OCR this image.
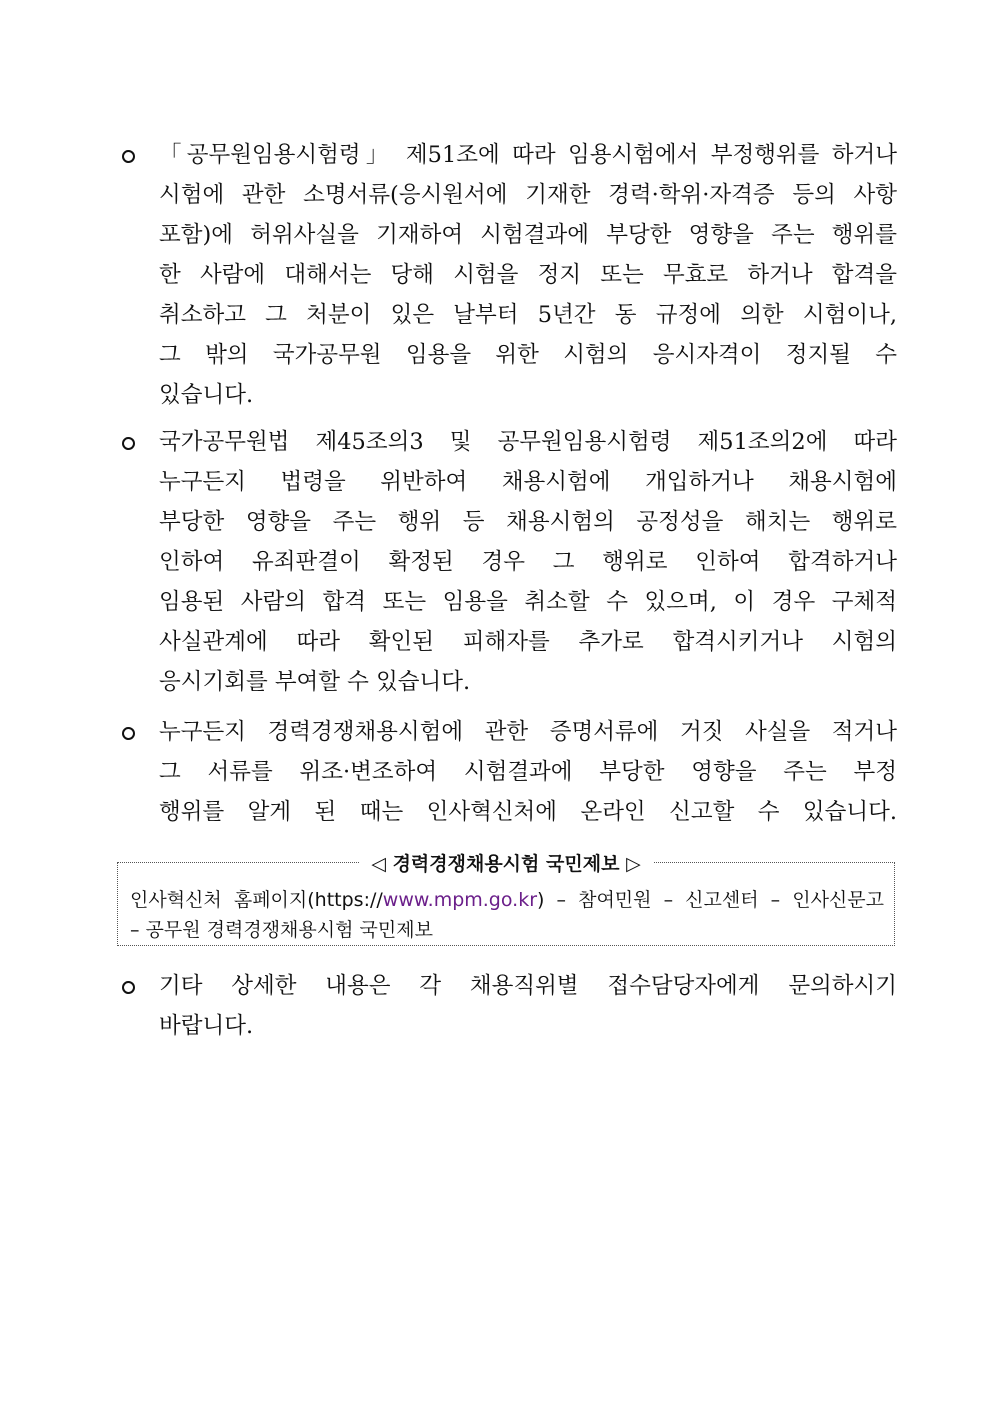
「공무원임용시험령」 제51조에 따라 임용시험에서 부정행위를 하거나
시험에 관한 소명서류(응시원서에 기재한 경력·학위·자격증 등의 사항
포함)에 허위사실을 기재하여 시험결과에 부당한 영향을 주는 행위를
한 사람에 대해서는 당해 시험을 정지 또는 무효로 하거나 합격을
취소하고 그 처분이 있은 날부터 5년간 동 규정에 의한 시험이나,
그 밖의 국가공무원 임용을 위한 시험의 응시자격이 정지될 수
있습니다.
국가공무원법 제45조의3 및 공무원임용시험령 제51조의2에 따라
누구든지 법령을 위반하여 채용시험에 개입하거나 채용시험에
부당한 영향을 주는 행위 등 채용시험의 공정성을 해치는 행위로
인하여 유죄판결이 확정된 경우 그 행위로 인하여 합격하거나
임용된 사람의 합격 또는 임용을 취소할 수 있으며, 이 경우 구체적
사실관계에 따라 확인된 피해자를 추가로 합격시키거나 시험의
응시기회를 부여할 수 있습니다.
누구든지 경력경쟁채용시험에 관한 증명서류에 거짓 사실을 적거나
그 서류를 위조·변조하여 시험결과에 부당한 영향을 주는 부정
행위를 알게 된 때는 인사혁신처에 온라인 신고할 수 있습니다.
◁ 경력경쟁채용시험 국민제보 ▷
인사혁신처 홈페이지(https://www.mpm.go.kr) – 참여민원 – 신고센터 – 인사신문고
– 공무원 경력경쟁채용시험 국민제보
기타 상세한 내용은 각 채용직위별 접수담당자에게 문의하시기
바랍니다.
